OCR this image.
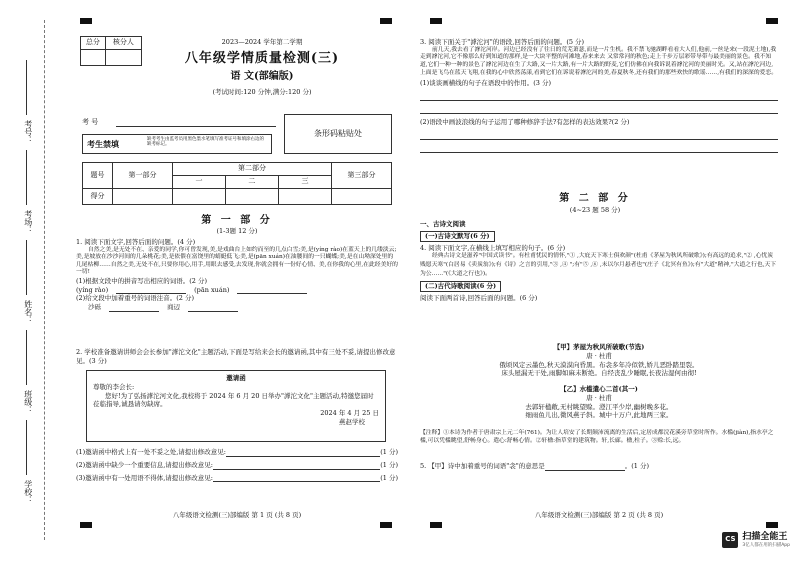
考号：
考场：
姓名：
班级：
学校：
总分	核分人
		2023—2024 学年第二学期
八年级学情质量检测(三)
语 文(部编版)
(考试时间:120 分钟,满分:120 分)
考 号
考生禁填	缺考考生由监考员用黑色墨水笔填写准考证号和填涂右边的缺考标记。
条形码粘贴处
题号	第一部分	第二部分			第三部分
		一	二	三	
得分					
第 一 部 分
(1-3题 12 分)
1. 阅读下面文字,回答后面的问题。(4 分)
自然之美,是无处不在、亲爱的同学,你可曾发现,美,是戏曲台上如约而至的几点白雪;美,是(yíng rào)在蓝天上的几缕淡云;美,是坡放在沙沙河间的几朵桃花;美,是依偎在富饶里的蜻蜓低飞;美,是(pān xuán)在油腰间的一只蝴蝶;美,是在山坳深处里的几尾枯柳……自然之美,无处不在,只要你用心,用手,用眼去感受,去发现,你就会拥有一份好心情、美,在你我的心里,在此经美好的一切!
(1)根据文段中的拼音写出相应的词语。(2 分)
(yíng rào)	(pān xuán)
(2)给文段中加着重号的词语注音。(2 分)
沙砾	商辺
2. 学校准备邀请讲师会会长参加"滹沱文化"主题活动,下面是写给来会长的邀请函,其中有三处不妥,请提出修改意见。(3 分)
邀请函
尊敬的李会长:
您好!为了弘扬滹沱河文化,我校将于 2024 年 6 月 20 日举办"滹沱文化"主题活动,特邀您届时莅临指导,诚恳请勿缺席。
2024 年 4 月 25 日
燕赵学校
(1)邀请函中格式上有一处不妥之处,请提出修改意见:	(1 分)
(2)邀请函中缺少一个重要信息,请提出修改意见:	(1 分)
(3)邀请函中有一处用语不得体,请提出修改意见:	(1 分)
八年级语文检测(三)部编版 第 1 页 (共 8 页)
3. 阅读下面关于"滹沱河"的语段,回答后面的问题。(5 分)
前几天,我去看了滹沱河岸。河边已经没有了往日的荒芜萧瑟,而是一片生机。我不禁飞驰湖畔看看大人们,他前,一丝是来(一段泥土地),我走到滹沱河,它不像那么好到知道的那样,是一大块平整的河滩地,春来来去 又常常河的秋色;走上千步万层彩带导带与最美丽的景色。我不知道,它们一种一种的景色了滹沱河边在生了大路,又一片大路,有一片大路的野麦,它们仿佛在向我诉说着滹沱河的美丽时光。又,站在滹沱河边,上面是飞鸟在蓝天飞翔,在我的心中欣然荡漾,看到它们在诉说着滹沱河的美,春夏秋冬,还有我们的那些欢快的歌谣……,有我们的深深的爱恋。
(1)谈谈画横线的句子在语段中的作用。(3 分)
(2)语段中画波浪线的句子运用了哪种修辞手法?有怎样的表达效果?(2 分)
第 二 部 分
(4~23 题 58 分)
一、古诗文阅读
(一)古诗文默写(6 分)
4. 阅读下面文字,在横线上填写相应的句子。(6 分)
经典古诗文是滋养"中国式读书"。有杜甫忧民的情怀,"① ,大庇天下寒士俱欢颜"(杜甫《茅屋为秋风所破歌》);有高远的追求,"② ,心忧炭贱愿天寒"(白居易《卖炭翁》);有《诗》之言的引用,"③ ,④ ";有"⑤ ,⑥ ,未以尔月悬者也"(庄子《北冥有鱼》);有"大道"精神,"大道之行也,天下为公……"(《大道之行也》)。
(二)古代诗歌阅读(6 分)
阅读下面两首诗,回答后面的问题。(6 分)
【甲】茅屋为秋风所破歌(节选)
唐 · 杜甫
俄顷风定云墨色,秋天漠漠向昏黑。布衾多年冷似铁,娇儿恶卧踏里裂。
床头屋漏无干处,雨脚如麻未断绝。自经丧乱少睡眠,长夜沾湿何由彻!
【乙】水槛遣心二首(其一)
唐 · 杜甫
去郭轩楹敞,无村眺望赊。澄江平少岸,幽树晚多花。
细雨鱼儿出,微风燕子斜。城中十万户,此地两三家。
【注释】①本诗为作者于唐肃宗上元二年(761)。为让人培安了长期颠沛流离的生活后,定居成都浣花溪旁草堂时所作。水槛(jiàn),指水亭之槛,可以凭槛眺望,舒畅身心。遣心:舒畅心情。②轩楹:指草堂的建筑物。轩,长廊。楹,柱子。③赊:长,远。
5. 【甲】诗中加着重号的词语"衾"的意思是	。(1 分)
八年级语文检测(三)部编版 第 2 页 (共 8 页)
CS 扫描全能王
3亿人都在用的扫描App
